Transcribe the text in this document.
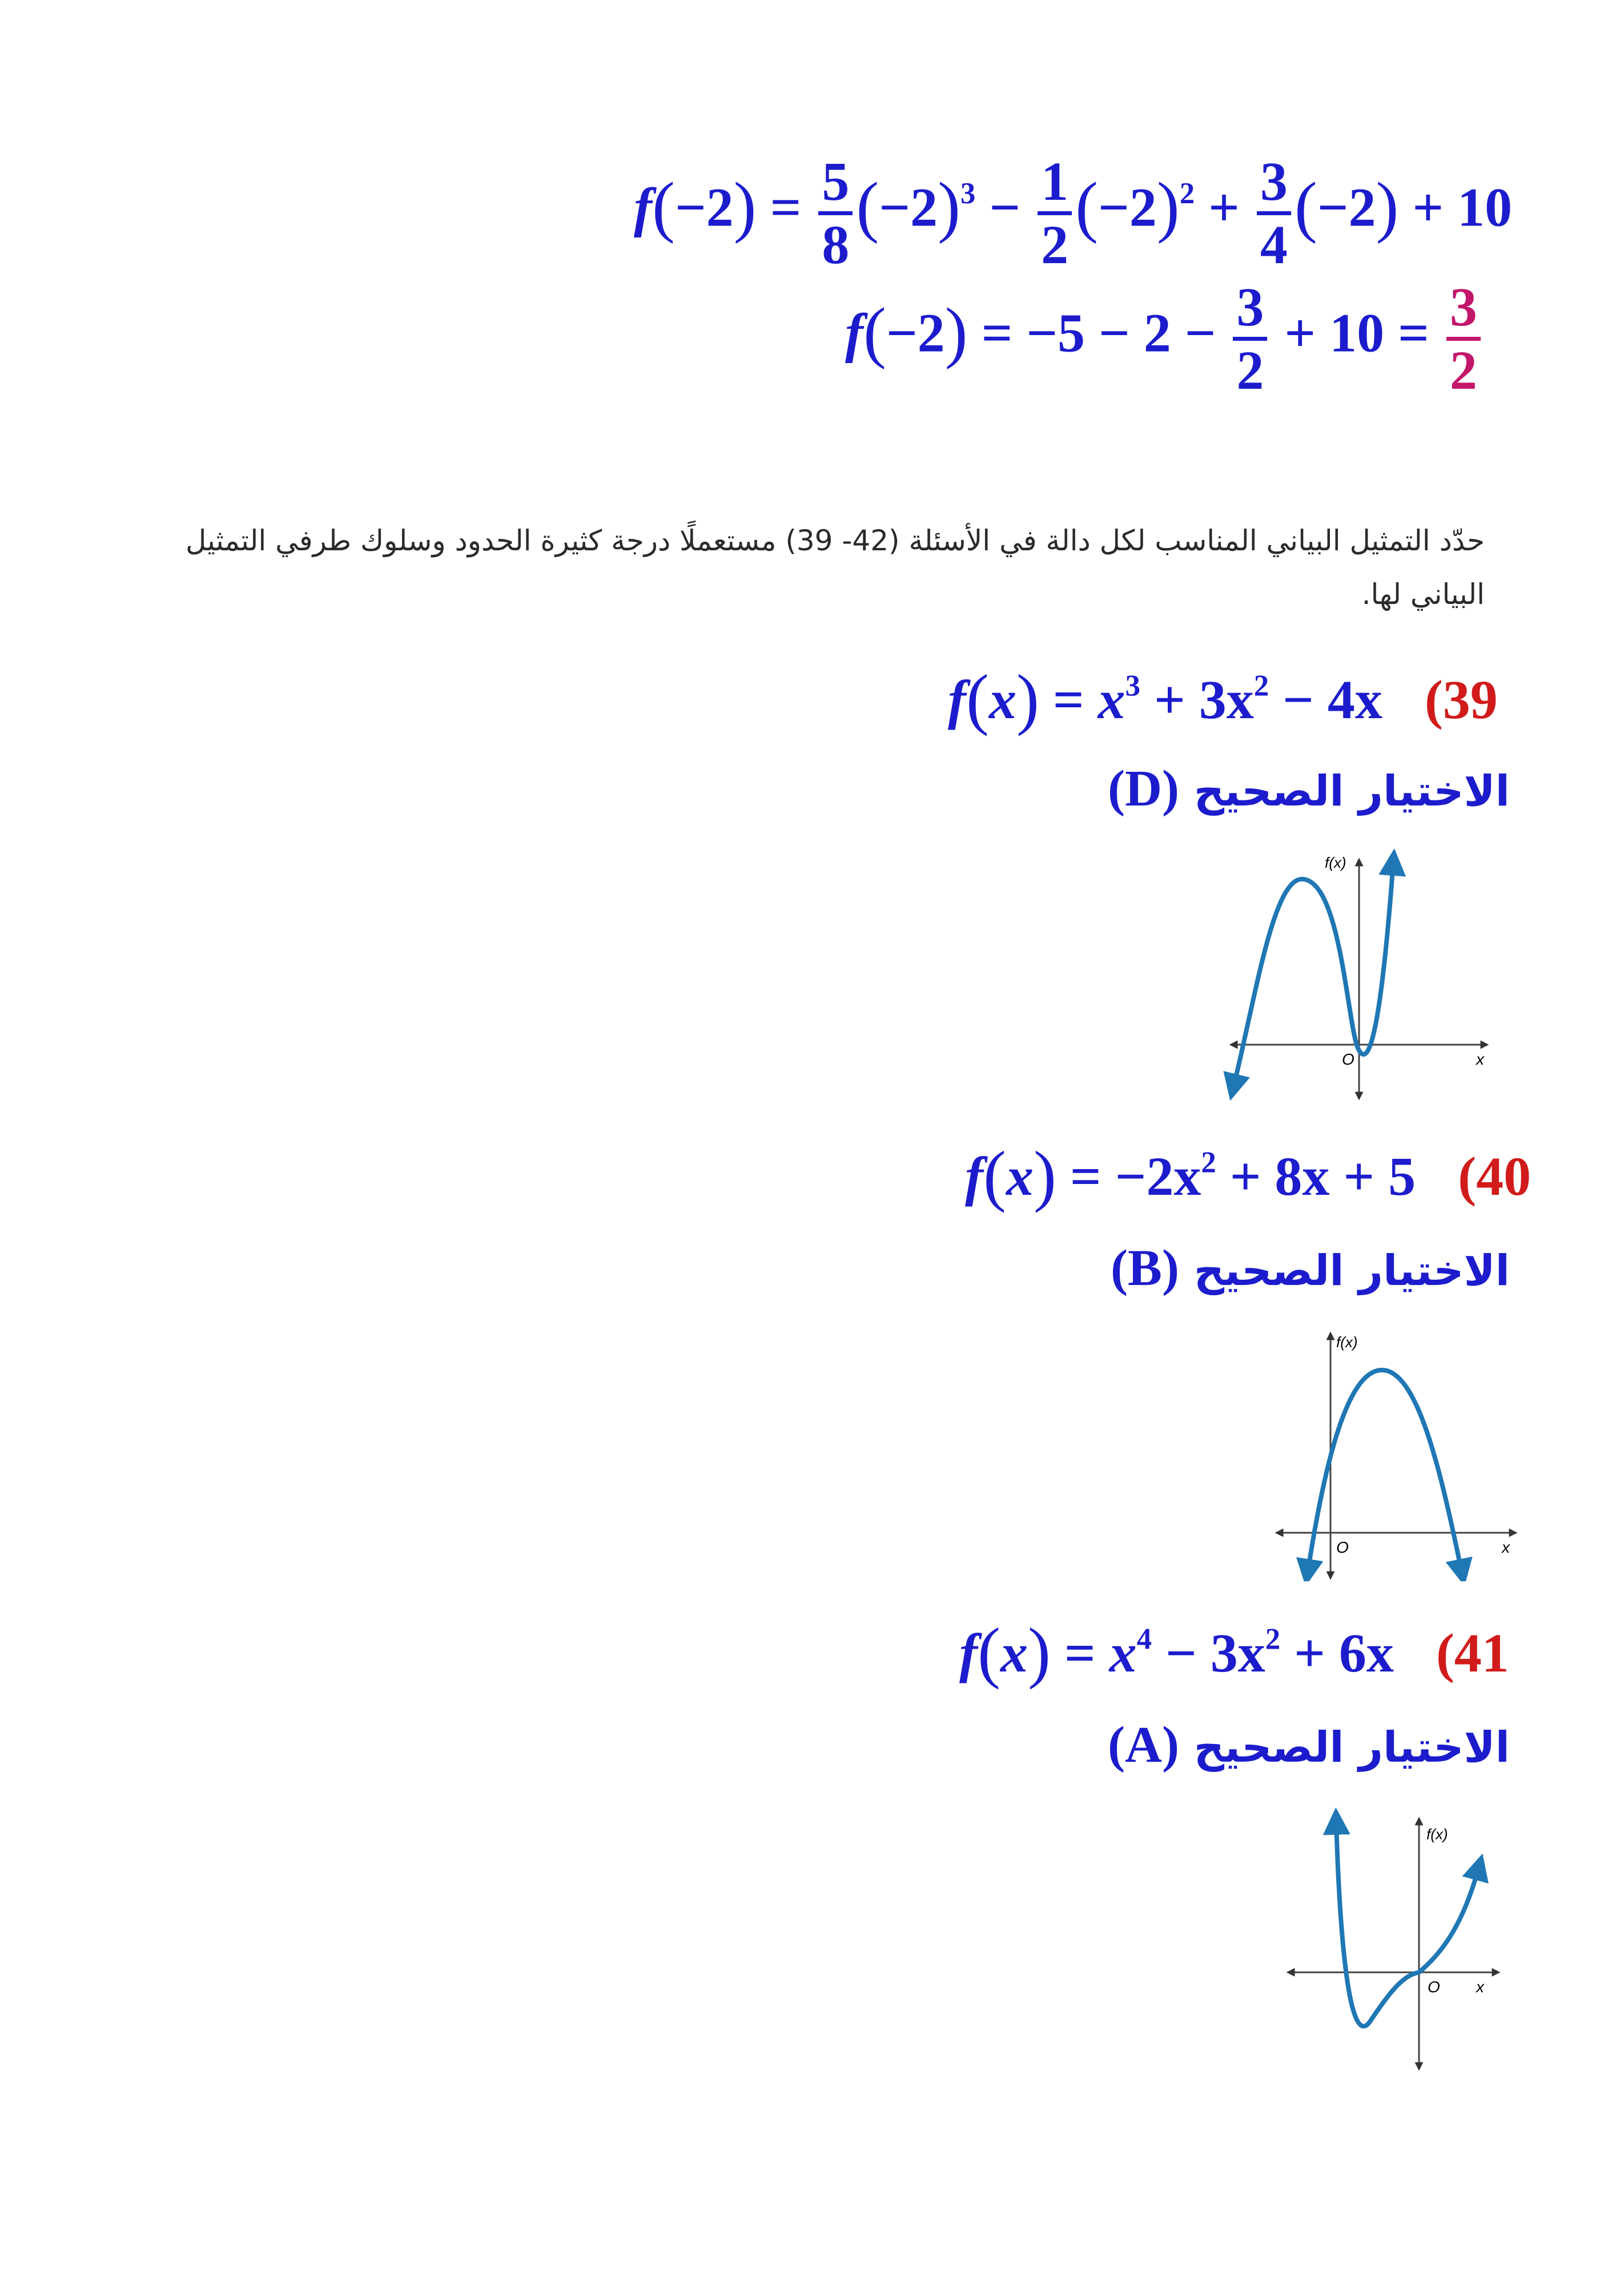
$f(-2) = \frac{5}{8} (-2)^3 - \frac{1}{2} (-2)^2 + \frac{3}{4} (-2) + 10$
$f(-2) = -5 - 2 - \frac{3}{2} + 10 = \frac{3}{2}$
حدّد التمثيل البياني المناسب لكل دالة في الأسئلة (42- 39) مستعملًا درجة كثيرة الحدود وسلوك طرفي التمثيل
البياني لها.
$f(x) = x^3 + 3x^2 - 4x$ (39
الاختيار الصحيح (D)
f(x)
O	x
$f(x) = -2x^2 + 8x + 5$ (40
الاختيار الصحيح (B)
f(x)
O	x
$f(x) = x^4 - 3x^2 + 6x$ (41
الاختيار الصحيح (A)
f(x)
O x
